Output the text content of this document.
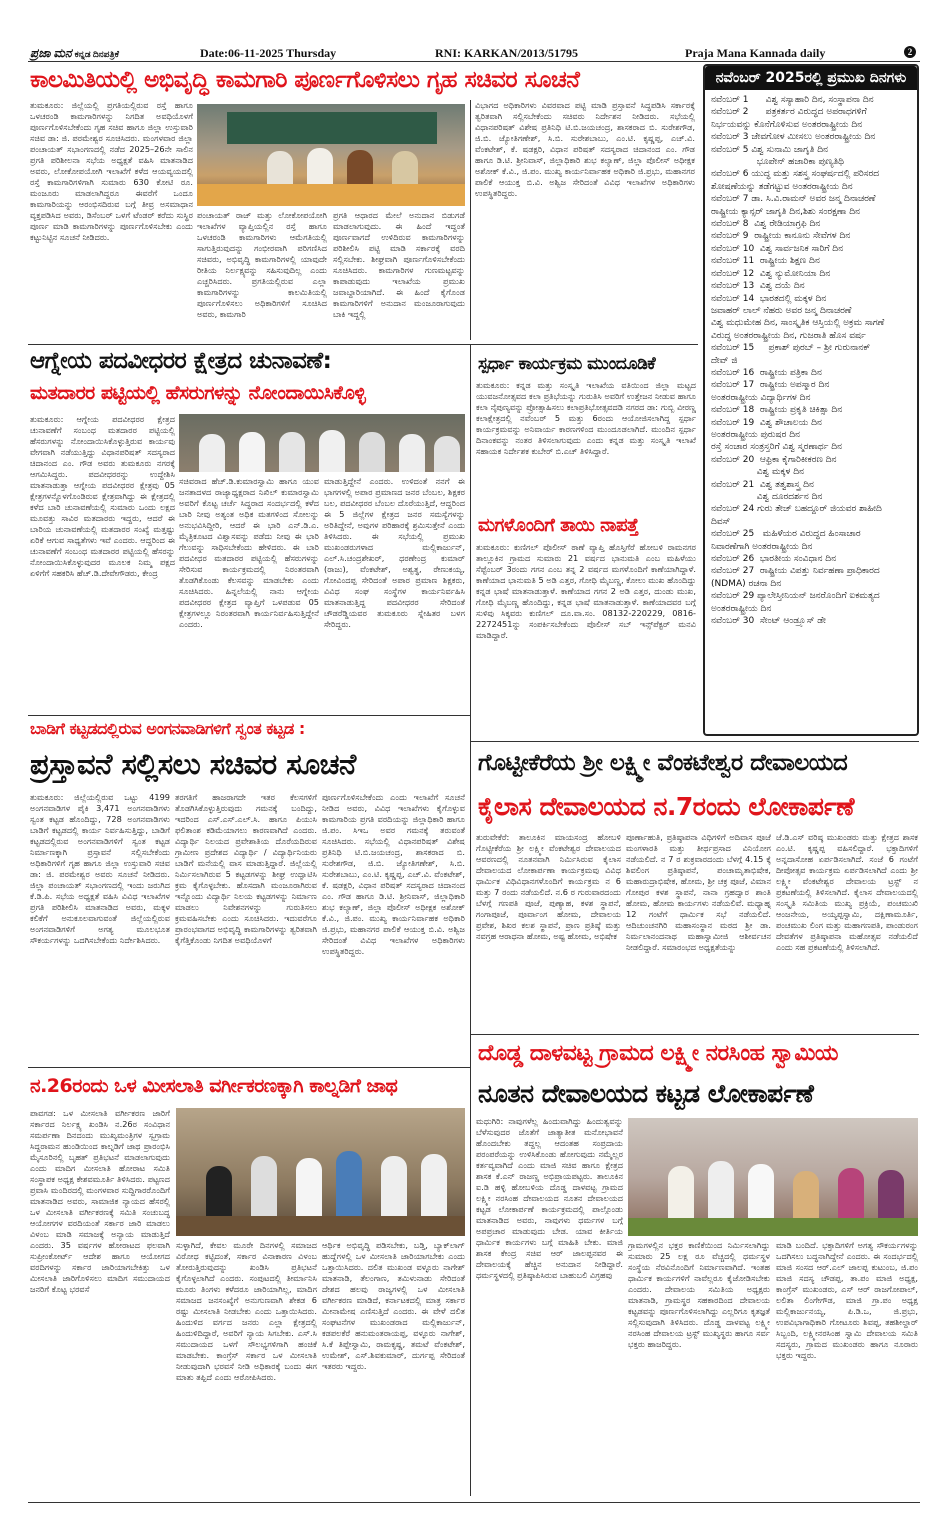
ಪ್ರಜಾ ಮನ ಕನ್ನಡ ದಿನಪತ್ರಿಕೆ	Date:06-11-2025 Thursday	RNI: KARKAN/2013/51795	Praja Mana Kannada daily	2
ಕಾಲಮಿತಿಯಲ್ಲಿ ಅಭಿವೃದ್ಧಿ ಕಾಮಗಾರಿ ಪೂರ್ಣಗೊಳಿಸಲು ಗೃಹ ಸಚಿವರ ಸೂಚನೆ
ತುಮಕೂರು: ಜಿಲ್ಲೆಯಲ್ಲಿ ಪ್ರಗತಿಯಲ್ಲಿರುವ ರಸ್ತೆ ಹಾಗೂ ಒಳಚರಂಡಿ ಕಾಮಗಾರಿಗಳನ್ನು ನಿಗದಿತ ಅವಧಿಯೊಳಗೆ ಪೂರ್ಣಗೊಳಿಸಬೇಕೆಂದು ಗೃಹ ಸಚಿವ ಹಾಗೂ ಜಿಲ್ಲಾ ಉಸ್ತುವಾರಿ ಸಚಿವ ಡಾ: ಜಿ. ಪರಮೇಶ್ವರ ಸೂಚಿಸಿದರು. ಮಂಗಳವಾರ ಜಿಲ್ಲಾ ಪಂಚಾಯತ್ ಸಭಾಂಗಣದಲ್ಲಿ ನಡೆದ 2025–26ನೇ ಸಾಲಿನ ಪ್ರಗತಿ ಪರಿಶೀಲನಾ ಸಭೆಯ ಅಧ್ಯಕ್ಷತೆ ವಹಿಸಿ ಮಾತನಾಡಿದ ಅವರು, ಲೋಕೋಪಯೋಗಿ ಇಲಾಖೆಗೆ ಕಳೆದ ಆಯವ್ಯಯದಲ್ಲಿ ರಸ್ತೆ ಕಾಮಗಾರಿಗಳಿಗಾಗಿ ಸುಮಾರು 630 ಕೋಟಿ ರೂ. ಮಂಜೂರು ಮಾಡಲಾಗಿದ್ದರೂ ಈವರೆಗೆ ಒಂದೂ ಕಾಮಗಾರಿಯನ್ನು ಆರಂಭಿಸದಿರುವ ಬಗ್ಗೆ ತೀವ್ರ ಅಸಮಾಧಾನ ವ್ಯಕ್ತಪಡಿಸಿದ ಅವರು, ಡಿಸೆಂಬರ್ ಒಳಗೆ ಟೆಂಡರ್ ಕರೆದು ಸುಸ್ಥಿರ ಪೂರ್ಣ ಮಾಡಿ ಕಾಮಗಾರಿಗಳನ್ನು ಪೂರ್ಣಗೊಳಿಸಬೇಕು ಎಂದು ಕಟ್ಟುನಿಟ್ಟಿನ ಸೂಚನೆ ನೀಡಿದರು.
ಪಂಚಾಯತ್ ರಾಜ್ ಮತ್ತು ಲೋಕೋಪಯೋಗಿ ಇಲಾಖೆಗಳ ವ್ಯಾಪ್ತಿಯಲ್ಲಿನ ರಸ್ತೆ ಹಾಗೂ ಒಳಚರಂಡಿ ಕಾಮಗಾರಿಗಳು ಆಮೆಗತಿಯಲ್ಲಿ ಸಾಗುತ್ತಿರುವುದನ್ನು ಗಂಭೀರವಾಗಿ ಪರಿಗಣಿಸಿದ ಸಚಿವರು, ಅಭಿವೃದ್ಧಿ ಕಾಮಗಾರಿಗಳಲ್ಲಿ ಯಾವುದೇ ರೀತಿಯ ನಿರ್ಲಕ್ಷ್ಯವನ್ನು ಸಹಿಸುವುದಿಲ್ಲ ಎಂದು ಎಚ್ಚರಿಸಿದರು. ಪ್ರಗತಿಯಲ್ಲಿರುವ ಎಲ್ಲಾ ಕಾಮಗಾರಿಗಳನ್ನು ಕಾಲಮಿತಿಯಲ್ಲಿ ಪೂರ್ಣಗೊಳಿಸಲು ಅಧಿಕಾರಿಗಳಿಗೆ ಸೂಚಿಸಿದ ಅವರು, ಕಾಮಗಾರಿ
ಪ್ರಗತಿ ಆಧಾರದ ಮೇಲೆ ಅನುದಾನ ಬಿಡುಗಡೆ ಮಾಡಲಾಗುವುದು. ಈ ಹಿಂದೆ ಇದ್ದಂತೆ ಪೂರ್ಣವಾಗದೆ ಉಳಿದಿರುವ ಕಾಮಗಾರಿಗಳನ್ನು ಪರಿಶೀಲಿಸಿ ಪಟ್ಟಿ ಮಾಡಿ ಸರ್ಕಾರಕ್ಕೆ ವರದಿ ಸಲ್ಲಿಸಬೇಕು. ಶೀಘ್ರವಾಗಿ ಪೂರ್ಣಗೊಳಿಸಬೇಕೆಂದು ಸೂಚಿಸಿದರು. ಕಾಮಗಾರಿಗಳ ಗುಣಮಟ್ಟವನ್ನು ಕಾಪಾಡುವುದು ಇಲಾಖೆಯ ಪ್ರಮುಖ ಜವಾಬ್ದಾರಿಯಾಗಿದೆ. ಈ ಹಿಂದೆ ಕೈಗೊಂಡ ಕಾಮಗಾರಿಗಳಿಗೆ ಅನುದಾನ ಮಂಜೂರಾಗುವುದು ಬಾಕಿ ಇದ್ದಲ್ಲಿ
ವಿಭಾಗದ ಅಧಿಕಾರಿಗಳು ವಿವರವಾದ ಪಟ್ಟಿ ಮಾಡಿ ಪ್ರಸ್ತಾವನೆ ಸಿದ್ಧಪಡಿಸಿ ಸರ್ಕಾರಕ್ಕೆ ತ್ವರಿತವಾಗಿ ಸಲ್ಲಿಸಬೇಕೆಂದು ಸಚಿವರು ನಿರ್ದೇಶನ ನೀಡಿದರು. ಸಭೆಯಲ್ಲಿ ವಿಧಾನಪರಿಷತ್ ವಿಶೇಷ ಪ್ರತಿನಿಧಿ ಟಿ.ಬಿ.ಜಯಚಂದ್ರ, ಶಾಸಕರಾದ ಬಿ. ಸುರೇಶಗೌಡ, ಜಿ.ಬಿ. ಜ್ಯೋತಿಗಣೇಶ್, ಸಿ.ಬಿ. ಸುರೇಶಬಾಬು, ಎಂ.ಟಿ. ಕೃಷ್ಣಪ್ಪ, ಎಚ್.ವಿ. ವೆಂಕಟೇಶ್, ಕೆ. ಷಡಕ್ಷರಿ, ವಿಧಾನ ಪರಿಷತ್ ಸದಸ್ಯರಾದ ಚಿದಾನಂದ ಎಂ. ಗೌಡ ಹಾಗೂ ಡಿ.ಟಿ. ಶ್ರೀನಿವಾಸ್, ಜಿಲ್ಲಾಧಿಕಾರಿ ಶುಭ ಕಲ್ಯಾಣ್, ಜಿಲ್ಲಾ ಪೊಲೀಸ್ ಅಧೀಕ್ಷಕ ಅಶೋಕ್ ಕೆ.ವಿ., ಜಿ.ಪಂ. ಮುಖ್ಯ ಕಾರ್ಯನಿರ್ವಾಹಕ ಅಧಿಕಾರಿ ಜಿ.ಪ್ರಭು, ಮಹಾನಗರ ಪಾಲಿಕೆ ಆಯುಕ್ತ ಬಿ.ವಿ. ಅಶ್ವಿಜ ಸೇರಿದಂತೆ ವಿವಿಧ ಇಲಾಖೆಗಳ ಅಧಿಕಾರಿಗಳು ಉಪಸ್ಥಿತರಿದ್ದರು.
ನವೆಂಬರ್ 2025ರಲ್ಲಿ ಪ್ರಮುಖ ದಿನಗಳು
ನವೆಂಬರ್ 1      ವಿಶ್ವ ಸಸ್ಯಾಹಾರಿ ದಿನ, ಸಂಸ್ಥಾಪನಾ ದಿನ
ನವೆಂಬರ್ 2      ಪತ್ರಕರ್ತರ ವಿರುದ್ಧದ ಅಪರಾಧಗಳಿಗೆ
ನಿರ್ಭಯವನ್ನು ಕೊನೆಗೊಳಿಸುವ ಅಂತರರಾಷ್ಟ್ರೀಯ ದಿನ
ನವೆಂಬರ್ 3 ಜೇವಗೋಳ ಮೀಸಲು ಅಂತರರಾಷ್ಟ್ರೀಯ ದಿನ
ನವೆಂಬರ್ 5 ವಿಶ್ವ ಸುನಾಮಿ ಜಾಗೃತಿ ದಿನ
ಭೂಪೇನ್ ಹಜಾರಿಕಾ ಪುಣ್ಯತಿಥಿ
ನವೆಂಬರ್ 6 ಯುದ್ಧ ಮತ್ತು ಸಶಸ್ತ್ರ ಸಂಘರ್ಷದಲ್ಲಿ ಪರಿಸರದ
ಶೋಷಣೆಯನ್ನು ತಡೆಗಟ್ಟುವ ಅಂತರರಾಷ್ಟ್ರೀಯ ದಿನ
ನವೆಂಬರ್ 7 ಡಾ. ಸಿ.ವಿ.ರಾಮನ್ ಅವರ ಜನ್ಮ ದಿನಾಚರಣೆ
ರಾಷ್ಟ್ರೀಯ ಕ್ಯಾನ್ಸರ್ ಜಾಗೃತಿ ದಿನ,ಶಿಶು ಸಂರಕ್ಷಣಾ ದಿನ
ನವೆಂಬರ್ 8  ವಿಶ್ವ ರೇಡಿಯಾಗ್ರಫಿ ದಿನ
ನವೆಂಬರ್ 9  ರಾಷ್ಟ್ರೀಯ ಕಾನೂನು ಸೇವೆಗಳ ದಿನ
ನವೆಂಬರ್ 10  ವಿಶ್ವ ಸಾರ್ವಜನಿಕ ಸಾರಿಗೆ ದಿನ
ನವೆಂಬರ್ 11  ರಾಷ್ಟ್ರೀಯ ಶಿಕ್ಷಣ ದಿನ
ನವೆಂಬರ್ 12  ವಿಶ್ವ ನ್ಯುಮೋನಿಯಾ ದಿನ
ನವೆಂಬರ್ 13  ವಿಶ್ವ ದಯೆ ದಿನ
ನವೆಂಬರ್ 14  ಭಾರತದಲ್ಲಿ ಮಕ್ಕಳ ದಿನ
ಜವಾಹರ್ ಲಾಲ್ ನೆಹರು ಅವರ ಜನ್ಮ ದಿನಾಚರಣೆ
ವಿಶ್ವ ಮಧುಮೇಹ ದಿನ, ಸಾಂಸ್ಕೃತಿಕ ಆಸ್ತಿಯಲ್ಲಿ ಅಕ್ರಮ ಸಾಗಣೆ
ವಿರುದ್ಧ ಅಂತರರಾಷ್ಟ್ರೀಯ ದಿನ, ಗುಜರಾತಿ ಹೊಸ ವರ್ಷ
ನವೆಂಬರ್ 15     ಪ್ರಕಾಶ್ ಪುರಬ್ – ಶ್ರೀ ಗುರುನಾನಕ್
ದೇವ್ ಜಿ
ನವೆಂಬರ್ 16  ರಾಷ್ಟ್ರೀಯ ಪತ್ರಿಕಾ ದಿನ
ನವೆಂಬರ್ 17  ರಾಷ್ಟ್ರೀಯ ಅಪಸ್ಮಾರ ದಿನ
ಅಂತರರಾಷ್ಟ್ರೀಯ ವಿದ್ಯಾರ್ಥಿಗಳ ದಿನ
ನವೆಂಬರ್ 18  ರಾಷ್ಟ್ರೀಯ ಪ್ರಕೃತಿ ಚಿಕಿತ್ಸಾ ದಿನ
ನವೆಂಬರ್ 19  ವಿಶ್ವ ಶೌಚಾಲಯ ದಿನ
ಅಂತರರಾಷ್ಟ್ರೀಯ ಪುರುಷರ ದಿನ
ರಸ್ತೆ ಸಂಚಾರ ಸಂತ್ರಸ್ತರಿಗೆ ವಿಶ್ವ ಸ್ಮರಣಾರ್ಥ ದಿನ
ನವೆಂಬರ್ 20  ಆಫ್ರಿಕಾ ಕೈಗಾರಿಕೀಕರಣ ದಿನ
ವಿಶ್ವ ಮಕ್ಕಳ ದಿನ
ನವೆಂಬರ್ 21  ವಿಶ್ವ ತತ್ವಶಾಸ್ತ್ರ ದಿನ
ವಿಶ್ವ ದೂರದರ್ಶನ ದಿನ
ನವೆಂಬರ್ 24 ಗುರು ತೇಜ್ ಬಹದ್ದೂರ್ ಜಿಯವರ ಶಾಹೀದಿ
ದಿವಸ್
ನವೆಂಬರ್ 25   ಮಹಿಳೆಯರ ವಿರುದ್ಧದ ಹಿಂಸಾಚಾರ
ನಿವಾರಣೆಗಾಗಿ ಅಂತರರಾಷ್ಟ್ರೀಯ ದಿನ
ನವೆಂಬರ್ 26  ಭಾರತೀಯ ಸಂವಿಧಾನ ದಿನ
ನವೆಂಬರ್ 27  ರಾಷ್ಟ್ರೀಯ ವಿಪತ್ತು ನಿರ್ವಹಣಾ ಪ್ರಾಧಿಕಾರದ
(NDMA) ರಚನಾ ದಿನ
ನವೆಂಬರ್ 29 ಪ್ಯಾಲೇಸ್ತೀನಿಯನ್ ಜನರೊಂದಿಗೆ ಐಕಮತ್ಯದ
ಅಂತರರಾಷ್ಟ್ರೀಯ ದಿನ
ನವೆಂಬರ್ 30  ಸೇಂಟ್ ಆಂಡ್ರ್ಯೂಸ್ ಡೇ
ಆಗ್ನೇಯ ಪದವೀಧರರ ಕ್ಷೇತ್ರದ ಚುನಾವಣೆ:
ಮತದಾರರ ಪಟ್ಟಿಯಲ್ಲಿ ಹೆಸರುಗಳನ್ನು ನೋಂದಾಯಿಸಿಕೊಳ್ಳಿ
ತುಮಕೂರು: ಆಗ್ನೇಯ ಪದವೀಧರರ ಕ್ಷೇತ್ರದ ಚುನಾವಣೆಗೆ ಸಂಬಂಧ ಮತದಾರರ ಪಟ್ಟಿಯಲ್ಲಿ ಹೆಸರುಗಳನ್ನು ನೋಂದಾಯಿಸಿಕೊಳ್ಳುತ್ತಿರುವ ಕಾರ್ಯವು ವೇಗವಾಗಿ ನಡೆಯುತ್ತಿದ್ದು ವಿಧಾನಪರಿಷತ್ ಸದಸ್ಯರಾದ ಚಿದಾನಂದ ಎಂ. ಗೌಡ ಅವರು ತುಮಕೂರು ನಗರಕ್ಕೆ ಆಗಮಿಸಿದ್ದರು. ಪದವೀಧರರನ್ನು ಉದ್ದೇಶಿಸಿ ಮಾತನಾಡುತ್ತಾ ಆಗ್ನೇಯ ಪದವೀಧರರ ಕ್ಷೇತ್ರವು 05 ಕ್ಷೇತ್ರಗಳನ್ನೊಳಗೊಂಡಿರುವ ಕ್ಷೇತ್ರವಾಗಿದ್ದು ಈ ಕ್ಷೇತ್ರದಲ್ಲಿ ಕಳೆದ ಬಾರಿ ಚುನಾವಣೆಯಲ್ಲಿ ಸುಮಾರು ಒಂದು ಲಕ್ಷದ ಮೂವತ್ತು ಸಾವಿರ ಮತದಾರರು ಇದ್ದರು, ಆದರೆ ಈ ಬಾರಿಯ ಚುನಾವಣೆಯಲ್ಲಿ ಮತದಾರರ ಸಂಖ್ಯೆ ಮತ್ತಷ್ಟು ಏರಿಕೆ ಆಗುವ ಸಾಧ್ಯತೆಗಳು ಇವೆ ಎಂದರು. ಆದ್ದರಿಂದ ಈ ಚುನಾವಣೆಗೆ ಸಂಬಂಧ ಮತದಾರರ ಪಟ್ಟಿಯಲ್ಲಿ ಹೆಸರನ್ನು ನೋಂದಾಯಿಸಿಕೊಳ್ಳುವುದರ ಮೂಲಕ ನಿಮ್ಮ ಪಕ್ಷದ ಏಳಿಗೆಗೆ ಸಹಕರಿಸಿ ಹೆಚ್.ಡಿ.ದೇವೇಗೌಡರು, ಕೇಂದ್ರ
ಸಚಿವರಾದ ಹೆಚ್.ಡಿ.ಕುಮಾರಸ್ವಾಮಿ ಹಾಗೂ ಯುವ ಜನತಾದಳದ ರಾಜ್ಯಾಧ್ಯಕ್ಷರಾದ ನಿಖಿಲ್ ಕುಮಾರಸ್ವಾಮಿ ಅವರಿಗೆ ಕೊಟ್ಟ ಚರ್ಚೆ ಸಿದ್ಧರಾದ ಸಂದರ್ಭದಲ್ಲಿ ಕಳೆದ ಬಾರಿ ನೀವು ಅತ್ಯಂತ ಅಧಿಕ ಮತಗಳಿಂದ ಸೋಲನ್ನು ಅನುಭವಿಸಿದ್ದೀರಿ, ಆದರೆ ಈ ಭಾರಿ ಎನ್.ಡಿ.ಎ. ಮೈತ್ರಿಕೂಟದ ವಿಶ್ವಾಸವನ್ನು ಪಡೆದು ನೀವು ಈ ಭಾರಿ ಗೆಲುವನ್ನು ಸಾಧಿಸಬೇಕೆಂದು ಹೇಳಿದರು. ಈ ಬಾರಿ ಪದವೀಧರ ಮತದಾರರ ಪಟ್ಟಿಯಲ್ಲಿ ಹೆಸರುಗಳನ್ನು ಸೇರಿಸುವ ಕಾರ್ಯಕ್ರಮದಲ್ಲಿ ನಿರಂತರವಾಗಿ ತೊಡಗಿಕೊಂಡು ಕೆಲಸವನ್ನು ಮಾಡಬೇಕು ಎಂದು ಸೂಚಿಸಿದರು. ಹಿನ್ನಲೆಯಲ್ಲಿ ನಾನು ಆಗ್ನೇಯ ಪದವೀಧರರ ಕ್ಷೇತ್ರದ ವ್ಯಾಪ್ತಿಗೆ ಒಳಪಡುವ 05 ಕ್ಷೇತ್ರಗಳಲ್ಲೂ ನಿರಂತರವಾಗಿ ಕಾರ್ಯನಿರ್ವಹಿಸುತ್ತಿದ್ದೇನೆ ಎಂದರು.
ಮಾಡುತ್ತಿದ್ದೇನೆ ಎಂದರು. ಉಳಿದಂತೆ ನನಗೆ ಈ ಭಾಗಗಳಲ್ಲಿ ಅಪಾರ ಪ್ರಮಾಣದ ಜನರ ಬೆಂಬಲ, ಶಿಕ್ಷಕರ ಬಲ, ಪದವೀಧರರ ಬೆಂಬಲ ದೊರೆಯುತ್ತಿದೆ, ಆದ್ದರಿಂದ ಈ 5 ಜಿಲ್ಲೆಗಳ ಕ್ಷೇತ್ರದ ಜನರ ಸಮಸ್ಯೆಗಳನ್ನು ಅರಿತಿದ್ದೇನೆ, ಅವುಗಳ ಪರಿಹಾರಕ್ಕೆ ಶ್ರಮಿಸುತ್ತೇನೆ ಎಂದು ತಿಳಿಸಿದರು. ಈ ಸಭೆಯಲ್ಲಿ ಪ್ರಮುಖ ಮುಖಂಡರುಗಳಾದ ಮಲ್ಲಿಕಾರ್ಜುನ್, ಎಲ್.ಸಿ.ಚಂದ್ರಶೇಖರ್, ಧರಣೇಂದ್ರ ಕುಮಾರ್ (ರಾಜು), ವೆಂಕಟೇಶ್, ಅಶ್ವತ್ಥ, ರೇಣುಕಯ್ಯ, ಗೋವಿಂದಪ್ಪ ಸೇರಿದಂತೆ ಅಪಾರ ಪ್ರಮಾಣ ಶಿಕ್ಷಕರು, ವಿವಿಧ ಸಂಘ ಸಂಸ್ಥೆಗಳ ಕಾರ್ಯನಿರ್ವಹಿಸಿ ಮಾತನಾಡುತ್ತಿದ್ದ ಪದವೀಧರರ ಸೇರಿದಂತೆ ಚೌಡರೆಡ್ಡಿಯವರ ತುಮಕೂರು ಸ್ನೇಹಿತರ ಬಳಗ ಸೇರಿದ್ದರು.
ಸ್ಪರ್ಧಾ ಕಾರ್ಯಕ್ರಮ ಮುಂದೂಡಿಕೆ
ತುಮಕೂರು: ಕನ್ನಡ ಮತ್ತು ಸಂಸ್ಕೃತಿ ಇಲಾಖೆಯ ವತಿಯಿಂದ ಜಿಲ್ಲಾ ಮಟ್ಟದ ಯುವಜನೋತ್ಸವದ ಕಲಾ ಪ್ರತಿಭೆಯನ್ನು ಗುರುತಿಸಿ ಅವರಿಗೆ ಉತ್ತೇಜನ ನೀಡುವ ಹಾಗೂ ಕಲಾ ನೈಪುಣ್ಯವನ್ನು ಪ್ರೋತ್ಸಾಹಿಸಲು ಕಲಾಪ್ರತಿಭೋತ್ಸವದಡಿ ನಗರದ ಡಾ: ಗುಬ್ಬಿ ವೀರಣ್ಣ ಕಲಾಕ್ಷೇತ್ರದಲ್ಲಿ ನವೆಂಬರ್ 5 ಮತ್ತು 6ರಂದು ಆಯೋಜಿಸಲಾಗಿದ್ದ ಸ್ಪರ್ಧಾ ಕಾರ್ಯಕ್ರಮವನ್ನು ಅನಿವಾರ್ಯ ಕಾರಣಗಳಿಂದ ಮುಂದೂಡಲಾಗಿದೆ. ಮುಂದಿನ ಸ್ಪರ್ಧಾ ದಿನಾಂಕವನ್ನು ನಂತರ ತಿಳಿಸಲಾಗುವುದು ಎಂದು ಕನ್ನಡ ಮತ್ತು ಸಂಸ್ಕೃತಿ ಇಲಾಖೆ ಸಹಾಯಕ ನಿರ್ದೇಶಕ ಕುಬೇರ್ ಬಿ.ಎಚ್ ತಿಳಿಸಿದ್ದಾರೆ.
ಮಗಳೊಂದಿಗೆ ತಾಯಿ ನಾಪತ್ತೆ
ತುಮಕೂರು: ಕುಣಿಗಲ್ ಪೊಲೀಸ್ ಠಾಣೆ ವ್ಯಾಪ್ತಿ ಹೊಸ್ತಿಗೆರೆ ಹೋಬಳಿ ರಾಮನಗರ ತಾಲ್ಲೂಕಿನ ಗ್ರಾಮದ ಸುಮಾರು 21 ವರ್ಷದ ಭಾನುಮತಿ ಎಂಬ ಮಹಿಳೆಯು ಸೆಪ್ಟೆಂಬರ್ 3ರಂದು ಗಗನ ಎಂಬ ತನ್ನ 2 ವರ್ಷದ ಮಗಳೊಂದಿಗೆ ಕಾಣೆಯಾಗಿದ್ದಾಳೆ. ಕಾಣೆಯಾದ ಭಾನುಮತಿ 5 ಅಡಿ ಎತ್ತರ, ಗೋಧಿ ಮೈಬಣ್ಣ, ಕೋಲು ಮುಖ ಹೊಂದಿದ್ದು ಕನ್ನಡ ಭಾಷೆ ಮಾತನಾಡುತ್ತಾಳೆ. ಕಾಣೆಯಾದ ಗಗನ 2 ಅಡಿ ಎತ್ತರ, ದುಂಡು ಮುಖ, ಗೋಧಿ ಮೈಬಣ್ಣ ಹೊಂದಿದ್ದು, ಕನ್ನಡ ಭಾಷೆ ಮಾತನಾಡುತ್ತಾಳೆ. ಕಾಣೆಯಾದವರ ಬಗ್ಗೆ ಸುಳಿವು ಸಿಕ್ಕವರು ಕುಣಿಗಲ್ ದೂ.ವಾ.ಸಂ. 08132-220229, 0816-2272451ನ್ನು ಸಂಪರ್ಕಿಸಬೇಕೆಂದು ಪೊಲೀಸ್ ಸಬ್ ಇನ್ಸ್‌ಪೆಕ್ಟರ್ ಮನವಿ ಮಾಡಿದ್ದಾರೆ.
ಬಾಡಿಗೆ ಕಟ್ಟಡದಲ್ಲಿರುವ ಅಂಗನವಾಡಿಗಳಿಗೆ ಸ್ವಂತ ಕಟ್ಟಡ :
ಪ್ರಸ್ತಾವನೆ ಸಲ್ಲಿಸಲು ಸಚಿವರ ಸೂಚನೆ
ತುಮಕೂರು: ಜಿಲ್ಲೆಯಲ್ಲಿರುವ ಒಟ್ಟು 4199 ಅಂಗನವಾಡಿಗಳ ಪೈಕಿ 3,471 ಅಂಗನವಾಡಿಗಳು ಸ್ವಂತ ಕಟ್ಟಡ ಹೊಂದಿದ್ದು, 728 ಅಂಗನವಾಡಿಗಳು ಬಾಡಿಗೆ ಕಟ್ಟಡದಲ್ಲಿ ಕಾರ್ಯ ನಿರ್ವಹಿಸುತ್ತಿದ್ದು, ಬಾಡಿಗೆ ಕಟ್ಟಡದಲ್ಲಿರುವ ಅಂಗನವಾಡಿಗಳಿಗೆ ಸ್ವಂತ ಕಟ್ಟಡ ನಿರ್ಮಾಣಕ್ಕಾಗಿ ಪ್ರಸ್ತಾವನೆ ಸಲ್ಲಿಸಬೇಕೆಂದು ಅಧಿಕಾರಿಗಳಿಗೆ ಗೃಹ ಹಾಗೂ ಜಿಲ್ಲಾ ಉಸ್ತುವಾರಿ ಸಚಿವ ಡಾ: ಜಿ. ಪರಮೇಶ್ವರ ಅವರು ಸೂಚನೆ ನೀಡಿದರು. ಜಿಲ್ಲಾ ಪಂಚಾಯತ್ ಸಭಾಂಗಣದಲ್ಲಿ ಇಂದು ಜರುಗಿದ ಕೆ.ಡಿ.ಪಿ. ಸಭೆಯ ಅಧ್ಯಕ್ಷತೆ ವಹಿಸಿ ವಿವಿಧ ಇಲಾಖೆಗಳ ಪ್ರಗತಿ ಪರಿಶೀಲಿಸಿ ಮಾತನಾಡಿದ ಅವರು, ಮಕ್ಕಳ ಕಲಿಕೆಗೆ ಅನುಕೂಲವಾಗುವಂತೆ ಜಿಲ್ಲೆಯಲ್ಲಿರುವ ಅಂಗನವಾಡಿಗಳಿಗೆ ಅಗತ್ಯ ಮೂಲಭೂತ ಸೌಕರ್ಯಗಳನ್ನು ಒದಗಿಸಬೇಕೆಂದು ನಿರ್ದೇಶಿಸಿದರು.
ತರಗತಿಗೆ ಹಾಜರಾಗದೇ ಇತರ ಕೆಲಸಗಳಿಗೆ ತೊಡಗಿಸಿಕೊಳ್ಳುತ್ತಿರುವುದು ಗಮನಕ್ಕೆ ಬಂದಿದ್ದು, ಇದರಿಂದ ಎಸ್.ಎಸ್.ಎಲ್.ಸಿ. ಹಾಗೂ ಪಿಯುಸಿ ಫಲಿತಾಂಶ ಕಡಿಮೆಯಾಗಲು ಕಾರಣವಾಗಿದೆ ಎಂದರು. ವಿದ್ಯಾರ್ಥಿ ನಿಲಯದ ಪ್ರವೇಶಾತಿಯ ದೊರೆಯದಿರುವ ಗ್ರಾಮೀಣ ಪ್ರದೇಶದ ವಿದ್ಯಾರ್ಥಿ / ವಿದ್ಯಾರ್ಥಿನಿಯರು ಬಾಡಿಗೆ ಮನೆಯಲ್ಲಿ ವಾಸ ಮಾಡುತ್ತಿದ್ದಾರೆ. ಜಿಲ್ಲೆಯಲ್ಲಿ ನಿರ್ಮಿಸಲಾಗಿರುವ 5 ಕಟ್ಟಡಗಳನ್ನು ಶೀಘ್ರ ಉದ್ಘಾಟಿಸಿ ಕ್ರಮ ಕೈಗೊಳ್ಳಬೇಕು. ಹೊಸದಾಗಿ ಮಂಜೂರಾಗಿರುವ ಇನ್ನೊಂದು ವಿದ್ಯಾರ್ಥಿ ನಿಲಯ ಕಟ್ಟಡಗಳನ್ನು ನಿರ್ಮಾಣ ಮಾಡಲು ನಿವೇಶನಗಳನ್ನು ಗುರುತಿಸಲು ಕ್ರಮವಹಿಸಬೇಕು ಎಂದು ಸೂಚಿಸಿದರು. ಇದುವರೆಗೂ ಪ್ರಾರಂಭವಾಗದ ಅಭಿವೃದ್ಧಿ ಕಾಮಗಾರಿಗಳನ್ನು ತ್ವರಿತವಾಗಿ ಕೈಗೆತ್ತಿಕೊಂಡು ನಿಗದಿತ ಅವಧಿಯೊಳಗೆ
ಪೂರ್ಣಗೊಳಿಸಬೇಕೆಂದು ಎಂದು ಇಲಾಖೆಗೆ ಸೂಚನೆ ನೀಡಿದ ಅವರು, ವಿವಿಧ ಇಲಾಖೆಗಳು ಕೈಗೊಳ್ಳುವ ಕಾಮಗಾರಿಯ ಪ್ರಗತಿ ವರದಿಯನ್ನು ಜಿಲ್ಲಾಧಿಕಾರಿ ಹಾಗೂ ಜಿ.ಪಂ. ಸಿಇಒ ಅವರ ಗಮನಕ್ಕೆ ತರುವಂತೆ ಸೂಚಿಸಿದರು. ಸಭೆಯಲ್ಲಿ ವಿಧಾನಪರಿಷತ್ ವಿಶೇಷ ಪ್ರತಿನಿಧಿ ಟಿ.ಬಿ.ಜಯಚಂದ್ರ, ಶಾಸಕರಾದ ಬಿ. ಸುರೇಶಗೌಡ, ಜಿ.ಬಿ. ಜ್ಯೋತಿಗಣೇಶ್, ಸಿ.ಬಿ. ಸುರೇಶಬಾಬು, ಎಂ.ಟಿ. ಕೃಷ್ಣಪ್ಪ, ಎಚ್.ವಿ. ವೆಂಕಟೇಶ್, ಕೆ. ಷಡಕ್ಷರಿ, ವಿಧಾನ ಪರಿಷತ್ ಸದಸ್ಯರಾದ ಚಿದಾನಂದ ಎಂ. ಗೌಡ ಹಾಗೂ ಡಿ.ಟಿ. ಶ್ರೀನಿವಾಸ್, ಜಿಲ್ಲಾಧಿಕಾರಿ ಶುಭ ಕಲ್ಯಾಣ್, ಜಿಲ್ಲಾ ಪೊಲೀಸ್ ಅಧೀಕ್ಷಕ ಅಶೋಕ್ ಕೆ.ವಿ., ಜಿ.ಪಂ. ಮುಖ್ಯ ಕಾರ್ಯನಿರ್ವಾಹಕ ಅಧಿಕಾರಿ ಜಿ.ಪ್ರಭು, ಮಹಾನಗರ ಪಾಲಿಕೆ ಆಯುಕ್ತ ಬಿ.ವಿ. ಅಶ್ವಿಜ ಸೇರಿದಂತೆ ವಿವಿಧ ಇಲಾಖೆಗಳ ಅಧಿಕಾರಿಗಳು ಉಪಸ್ಥಿತರಿದ್ದರು.
ಗೊಟ್ಟೀಕೆರೆಯ ಶ್ರೀ ಲಕ್ಷ್ಮೀ ವೆಂಕಟೇಶ್ವರ ದೇವಾಲಯದ
ಕೈಲಾಸ ದೇವಾಲಯದ ನ.7ರಂದು ಲೋಕಾರ್ಪಣೆ
ತುರುವೇಕೆರೆ: ತಾಲೂಕಿನ ಮಾಯಸಂದ್ರ ಹೋಬಳಿ ಗೊಟ್ಟೀಕೆರೆಯ ಶ್ರೀ ಲಕ್ಷ್ಮೀ ವೆಂಕಟೇಶ್ವರ ದೇವಾಲಯದ ಆವರಣದಲ್ಲಿ ನೂತನವಾಗಿ ನಿರ್ಮಿಸಿರುವ ಕೈಲಾಸ ದೇವಾಲಯದ ಲೋಕಾರ್ಪಣಾ ಕಾರ್ಯಕ್ರಮವು ವಿವಿಧ ಧಾರ್ಮಿಕ ವಿಧಿವಿಧಾನಗಳೊಂದಿಗೆ ಕಾರ್ಯಕ್ರಮ ನ 6 ಮತ್ತು 7 ರಂದು ನಡೆಯಲಿದೆ. ನ.6 ರ ಗುರುವಾರದಂದು ಬೆಳಗ್ಗೆ ಗಣಪತಿ ಪೂಜೆ, ಪುಣ್ಯಾಹ, ಕಳಶ ಸ್ಥಾಪನೆ, ಗಂಗಾಪೂಜೆ, ಪೂರ್ವಾಂಗ ಹೋಮ, ದೇವಾಲಯ ಪ್ರವೇಶ, ಶಿಖರ ಕಲಶ ಸ್ಥಾಪನೆ, ಪ್ರಾಣ ಪ್ರತಿಷ್ಠೆ ಮತ್ತು ನವಗ್ರಹ ಆರಾಧನಾ ಹೋಮ, ಅಷ್ಟ ಹೋಮ, ಅಭಿಷೇಕ
ಪೂರ್ಣಾಹುತಿ, ಪ್ರತಿಷ್ಠಾಪನಾ ವಿಧಿಗಳಿಗೆ ಅದಿವಾಸ ಪೂಜೆ ಮಂಗಳಾರತಿ ಮತ್ತು ತೀರ್ಥಪ್ರಸಾದ ವಿನಿಯೋಗ ನಡೆಯಲಿದೆ. ನ 7 ರ ಶುಕ್ರವಾರದಂದು ಬೆಳಗ್ಗೆ 4.15 ಕ್ಕೆ ಶಿವಲಿಂಗ ಪ್ರತಿಷ್ಠಾಪನೆ, ಪಂಚಾಮೃತಾಭಿಷೇಕ, ಮಹಾರುದ್ರಾಭಿಷೇಕ, ಹೋಮ, ಶ್ರೀ ಚಕ್ರ ಪೂಜೆ, ವಿಮಾನ ಗೋಪುರ ಕಳಶ ಸ್ಥಾಪನೆ, ನಾನಾ ಗ್ರಹದ್ವಾರ ಶಾಂತಿ ಹೋಮ, ಹೋಮ ಕಾರ್ಯಗಳು ನಡೆಯಲಿವೆ. ಮಧ್ಯಾಹ್ನ 12 ಗಂಟೆಗೆ ಧಾರ್ಮಿಕ ಸಭೆ ನಡೆಯಲಿದೆ. ಆದಿಚುಂಚನಗಿರಿ ಮಹಾಸಂಸ್ಥಾನ ಮಠದ ಶ್ರೀ ಡಾ. ನಿರ್ಮಲಾನಂದನಾಥ ಮಹಾಸ್ವಾಮೀಜಿ ಆಶೀರ್ವಚನ ನೀಡಲಿದ್ದಾರೆ. ಸಮಾರಂಭದ ಅಧ್ಯಕ್ಷತೆಯನ್ನು
ಜೆ.ಡಿ.ಎಸ್ ವರಿಷ್ಠ ಮುಖಂಡರು ಮತ್ತು ಕ್ಷೇತ್ರದ ಶಾಸಕ ಎಂ.ಟಿ. ಕೃಷ್ಣಪ್ಪ ವಹಿಸಲಿದ್ದಾರೆ. ಭಕ್ತಾದಿಗಳಿಗೆ ಅನ್ನದಾಸೋಹ ಏರ್ಪಡಿಸಲಾಗಿದೆ. ಸಂಜೆ 6 ಗಂಟೆಗೆ ದೀಪೋತ್ಸವ ಕಾರ್ಯಕ್ರಮ ಏರ್ಪಡಿಸಲಾಗಿದೆ ಎಂದು ಶ್ರೀ ಲಕ್ಷ್ಮೀ ವೆಂಕಟೇಶ್ವರ ದೇವಾಲಯ ಟ್ರಸ್ಟ್ ನ ಪ್ರಕಟಣೆಯಲ್ಲಿ ತಿಳಿಸಲಾಗಿದೆ. ಕೈಲಾಸ ದೇವಾಲಯದಲ್ಲಿ ಸಂಸ್ಕೃತಿ ಸಮಿತಿಯ ಮುಖ್ಯ ಪ್ರಕ್ರಿಯೆ, ಪಂಚಮುಖಿ ಆಂಜನೇಯ, ಅಯ್ಯಪ್ಪಸ್ವಾಮಿ, ದಕ್ಷಿಣಾಮೂರ್ತಿ, ಪಂಚಮುಖ ಲಿಂಗ ಮತ್ತು ಮಹಾಗಣಪತಿ, ಪಾಂಡುರಂಗ ದೇವತೆಗಳ ಪ್ರತಿಷ್ಠಾಪನಾ ಮಹೋತ್ಸವ ನಡೆಯಲಿದೆ ಎಂದು ಸಹ ಪ್ರಕಟಣೆಯಲ್ಲಿ ತಿಳಿಸಲಾಗಿದೆ.
ನ.26ರಂದು ಒಳ ಮೀಸಲಾತಿ ವರ್ಗೀಕರಣಕ್ಕಾಗಿ ಕಾಲ್ನಡಿಗೆ ಜಾಥ
ಪಾವಗಡ: ಒಳ ಮೀಸಲಾತಿ ವರ್ಗೀಕರಣ ಜಾರಿಗೆ ಸರ್ಕಾರದ ನಿರ್ಲಕ್ಷ್ಯ ಖಂಡಿಸಿ ನ.26ರ ಸಂವಿಧಾನ ಸಮರ್ಪಣಾ ದಿನದಂದು ಮುಖ್ಯಮಂತ್ರಿಗಳ ಸ್ವಗ್ರಾಮ ಸಿದ್ದರಾಮನ ಹುಂಡಿಯಿಂದ ಕಾಲ್ನಡಿಗೆ ಜಾಥ ಪ್ರಾರಂಭಿಸಿ ಮೈಸೂರಿನಲ್ಲಿ ಬೃಹತ್ ಪ್ರತಿಭಟನೆ ಮಾಡಲಾಗುವುದು ಎಂದು ಮಾದಿಗ ಮೀಸಲಾತಿ ಹೋರಾಟ ಸಮಿತಿ ಸಂಸ್ಥಾಪಕ ಅಧ್ಯಕ್ಷ ಕೇಶವಮೂರ್ತಿ ತಿಳಿಸಿದರು. ಪಟ್ಟಣದ ಪ್ರವಾಸಿ ಮಂದಿರದಲ್ಲಿ ಮಂಗಳವಾರ ಸುದ್ದಿಗಾರರೊಂದಿಗೆ ಮಾತನಾಡಿದ ಅವರು, ಸಾಮಾಜಿಕ ನ್ಯಾಯದ ಹೆಸರಲ್ಲಿ ಒಳ ಮೀಸಲಾತಿ ವರ್ಗೀಕರಣಕ್ಕೆ ಸಮಿತಿ ಸಂಚುಬದ್ಧ ಆಯೋಗಗಳ ವರದಿಯಂತೆ ಸರ್ಕಾರ ಜಾರಿ ಮಾಡಲು ವಿಳಂಬ ಮಾಡಿ ಸಮಾಜಕ್ಕೆ ಅನ್ಯಾಯ ಮಾಡುತ್ತಿದೆ ಎಂದರು. 35 ವರ್ಷಗಳ ಹೋರಾಟದ ಫಲವಾಗಿ ಸುಪ್ರೀಂಕೋರ್ಟ್ ಆದೇಶ ಹಾಗೂ ಆಯೋಗದ ವರದಿಗಳನ್ನು ಸರ್ಕಾರ ಜಾರಿಯಾಗಬೇಕಿತ್ತು ಒಳ ಮೀಸಲಾತಿ ಜಾರಿಗೊಳಿಸಲು ಮಾದಿಗ ಸಮುದಾಯದ ಜನರಿಗೆ ಕೊಟ್ಟ ಭರವಸೆ
ಸುಳ್ಳಾಗಿದೆ, ಕೇವಲ ಮೂರೇ ದಿನಗಳಲ್ಲಿ ಸಮಾಜದ ವಿರೋಧ ಕಟ್ಟಿದಂತೆ, ಸರ್ಕಾರ ವಿನಾಕಾರಣ ವಿಳಂಬ ತೋರುತ್ತಿರುವುದನ್ನು ಖಂಡಿಸಿ ಪ್ರತಿಭಟನೆ ಕೈಗೊಳ್ಳಲಾಗಿದೆ ಎಂದರು. ಸಂಪುಟದಲ್ಲಿ ತೀರ್ಮಾನಿಸಿ ಮೂರು ತಿಂಗಳು ಕಳೆದರೂ ಜಾರಿಯಾಗಿಲ್ಲ, ಮಾದಿಗ ಸಮಾಜದ ಜನಸಂಖ್ಯೆಗೆ ಅನುಗುಣವಾಗಿ ಶೇಕಡ 6 ರಷ್ಟು ಮೀಸಲಾತಿ ನೀಡಬೇಕು ಎಂದು ಒತ್ತಾಯಿಸಿದರು. ಹಿಂದುಳಿದ ವರ್ಗದ ಜನರು ಎಲ್ಲಾ ಕ್ಷೇತ್ರದಲ್ಲಿ ಹಿಂದುಳಿದಿದ್ದಾರೆ, ಅವರಿಗೆ ನ್ಯಾಯ ಸಿಗಬೇಕು. ಎಸ್.ಸಿ ಸಮುದಾಯದ ಒಳಗೆ ಸೌಲಭ್ಯಗಳಿಗಾಗಿ ಹಂಚಿಕೆ ಮಾಡಬೇಕು. ಕಾಂಗ್ರೆಸ್ ಸರ್ಕಾರ ಒಳ ಮೀಸಲಾತಿ ನೀಡುವುದಾಗಿ ಭರವಸೆ ನೀಡಿ ಅಧಿಕಾರಕ್ಕೆ ಬಂದು ಈಗ ಮಾತು ತಪ್ಪಿದೆ ಎಂದು ಆರೋಪಿಸಿದರು.
ಆರ್ಥಿಕ ಅಭಿವೃದ್ಧಿ ಪಡಿಸಬೇಕು, ಬಡ್ತಿ, ಬ್ಯಾಕ್‌ಲಾಗ್ ಹುದ್ದೆಗಳಲ್ಲಿ ಒಳ ಮೀಸಲಾತಿ ಜಾರಿಯಾಗಬೇಕು ಎಂದು ಒತ್ತಾಯಿಸಿದರು. ದಲಿತ ಮುಖಂಡ ವಳ್ಳೂರು ನಾಗೇಶ್ ಮಾತನಾಡಿ, ತೆಲಂಗಾಣ, ತಮಿಳುನಾಡು ಸೇರಿದಂತೆ ದೇಶದ ಹಲವು ರಾಜ್ಯಗಳಲ್ಲಿ ಒಳ ಮೀಸಲಾತಿ ವರ್ಗೀಕರಣ ಮಾಡಿದೆ, ಕರ್ನಾಟಕದಲ್ಲಿ ಮಾತ್ರ ಸರ್ಕಾರ ಮೀನಾಮೇಷ ಎಣಿಸುತ್ತಿದೆ ಎಂದರು. ಈ ವೇಳೆ ದಲಿತ ಸಂಘಟನೆಗಳ ಮುಖಂಡರಾದ ಮಲ್ಲಿಕಾರ್ಜುನ್, ಕಡಪಲಕೆರೆ ಹನುಮಂತರಾಯಪ್ಪ, ವಳ್ಳೂರು ನಾಗೇಶ್, ಸಿ.ಕೆ ತಿಪ್ಪೇಸ್ವಾಮಿ, ರಾಮಕೃಷ್ಣ, ತಮಟೆ ವೆಂಕಟೇಶ್, ಉಮೇಶ್, ಎಸ್.ಶಿವಕುಮಾರ್, ದುರ್ಗಪ್ಪ ಸೇರಿದಂತೆ ಇತರರು ಇದ್ದರು.
ದೊಡ್ಡ ದಾಳವಟ್ಟ ಗ್ರಾಮದ ಲಕ್ಷ್ಮೀ ನರಸಿಂಹ ಸ್ವಾಮಿಯ
ನೂತನ ದೇವಾಲಯದ ಕಟ್ಟಡ ಲೋಕಾರ್ಪಣೆ
ಮಧುಗಿರಿ: ನಾವುಗಳೆಲ್ಲ ಹಿಂದುವಾಗಿದ್ದು ಹಿಂದುತ್ವವನ್ನು ಬೆಳೆಸುವುದರ ಜೊತೆಗೆ ಜಾತ್ಯಾತೀತ ಮನೋಭಾವನೆ ಹೊಂದಬೇಕು ತದ್ದಲ್ಲ ಆದಂತಹ ಸಂಪ್ರದಾಯ ಪರಂಪರೆಯನ್ನು ಉಳಿಸಿಕೊಂಡು ಹೋಗುವುದು ನಮ್ಮೆಲ್ಲರ ಕರ್ತವ್ಯವಾಗಿದೆ ಎಂದು ಮಾಜಿ ಸಚಿವ ಹಾಗೂ ಕ್ಷೇತ್ರದ ಶಾಸಕ ಕೆ.ಎನ್ ರಾಜಣ್ಣ ಅಭಿಪ್ರಾಯಪಟ್ಟರು. ತಾಲೂಕಿನ ಐ.ಡಿ ಹಳ್ಳಿ ಹೋಬಳಿಯ ದೊಡ್ಡ ದಾಳವಟ್ಟ ಗ್ರಾಮದ ಲಕ್ಷ್ಮೀ ನರಸಿಂಹ ದೇವಾಲಯದ ನೂತನ ದೇವಾಲಯದ ಕಟ್ಟಡ ಲೋಕಾರ್ಪಣೆ ಕಾರ್ಯಕ್ರಮದಲ್ಲಿ ಪಾಲ್ಗೊಂಡು ಮಾತನಾಡಿದ ಅವರು, ನಾವುಗಳು ಧರ್ಮಗಳ ಬಗ್ಗೆ ಅಪಪ್ರಚಾರ ಮಾಡುವುದು ಬೇಡ. ಯಾವ ಕೀರ್ತಿಯ ಧಾರ್ಮಿಕ ಕಾರ್ಯಗಳು ಬಗ್ಗೆ ಮಾಹಿತಿ ಬೇಕು. ಮಾಜಿ ಶಾಸಕ ಕೇಂದ್ರ ಸಚಿವ ಆರ್ ಜಾಲಪ್ಪನವರ ಈ ದೇವಾಲಯಕ್ಕೆ ಹೆಚ್ಚಿನ ಅನುದಾನ ನೀಡಿದ್ದಾರೆ. ಧರ್ಮಸ್ಥಳದಲ್ಲಿ ಪ್ರತಿಷ್ಠಾಪಿಸಿರುವ ಬಾಹುಬಲಿ ವಿಗ್ರಹವು
ಗ್ರಾಮಗಳಲ್ಲಿನ ಭಕ್ತರ ಕಾಣಿಕೆಯಿಂದ ನಿರ್ಮಿಸಲಾಗಿದ್ದು ಸುಮಾರು 25 ಲಕ್ಷ ರೂ ವೆಚ್ಚದಲ್ಲಿ ಧರ್ಮಸ್ಥಳ ಸಂಸ್ಥೆಯ ನೆರವಿನೊಂದಿಗೆ ನಿರ್ಮಾಣವಾಗಿದೆ. ಇಂತಹ ಧಾರ್ಮಿಕ ಕಾರ್ಯಗಳಿಗೆ ನಾವೆಲ್ಲರೂ ಕೈಜೋಡಿಸಬೇಕು ಎಂದರು. ದೇವಾಲಯ ಸಮಿತಿಯ ಅಧ್ಯಕ್ಷರು ಮಾತನಾಡಿ, ಗ್ರಾಮಸ್ಥರ ಸಹಕಾರದಿಂದ ದೇವಾಲಯ ಕಟ್ಟಡವನ್ನು ಪೂರ್ಣಗೊಳಿಸಲಾಗಿದ್ದು ಎಲ್ಲರಿಗೂ ಕೃತಜ್ಞತೆ ಸಲ್ಲಿಸುವುದಾಗಿ ತಿಳಿಸಿದರು. ದೊಡ್ಡ ದಾಳವಟ್ಟ ಲಕ್ಷ್ಮೀ ನರಸಿಂಹ ದೇವಾಲಯ ಟ್ರಸ್ಟ್ ಮುಖ್ಯಸ್ಥರು ಹಾಗೂ ಸರ್ವ ಭಕ್ತರು ಹಾಜರಿದ್ದರು.
ಮಾಡಿ ಬಂದಿದೆ. ಭಕ್ತಾದಿಗಳಿಗೆ ಅಗತ್ಯ ಸೌಕರ್ಯಗಳನ್ನು ಒದಗಿಸಲು ಬದ್ಧನಾಗಿದ್ದೇನೆ ಎಂದರು. ಈ ಸಂದರ್ಭದಲ್ಲಿ ಮಾಜಿ ಸಂಸದ ಆರ್.ಎಲ್ ಜಾಲಪ್ಪ ಕುಟುಂಬ, ಜಿ.ಪಂ ಮಾಜಿ ಸದಸ್ಯ ಚೌಡಪ್ಪ, ತಾ.ಪಂ ಮಾಜಿ ಅಧ್ಯಕ್ಷ, ಕಾಂಗ್ರೆಸ್ ಮುಖಂಡರು, ಎಸ್ ಆರ್ ರಾಜಗೋಪಾಲ್, ಲಲಿತಾ ಲಿಂಗೇಗೌಡ, ಮಾಜಿ ಗ್ರಾ.ಪಂ ಅಧ್ಯಕ್ಷ ಮಲ್ಲಿಕಾರ್ಜುನಯ್ಯ, ಪಿ.ಡಿ.ಒ, ಜಿ.ಪ್ರಭು, ಉಪವಿಭಾಗಾಧಿಕಾರಿ ಗೋಟೂರು ಶಿವಪ್ಪ, ತಹಶೀಲ್ದಾರ್ ಸಿಬ್ಬಂದಿ, ಲಕ್ಷ್ಮೀನರಸಿಂಹ ಸ್ವಾಮಿ ದೇವಾಲಯ ಸಮಿತಿ ಸದಸ್ಯರು, ಗ್ರಾಮದ ಮುಖಂಡರು ಹಾಗೂ ನೂರಾರು ಭಕ್ತರು ಇದ್ದರು.
